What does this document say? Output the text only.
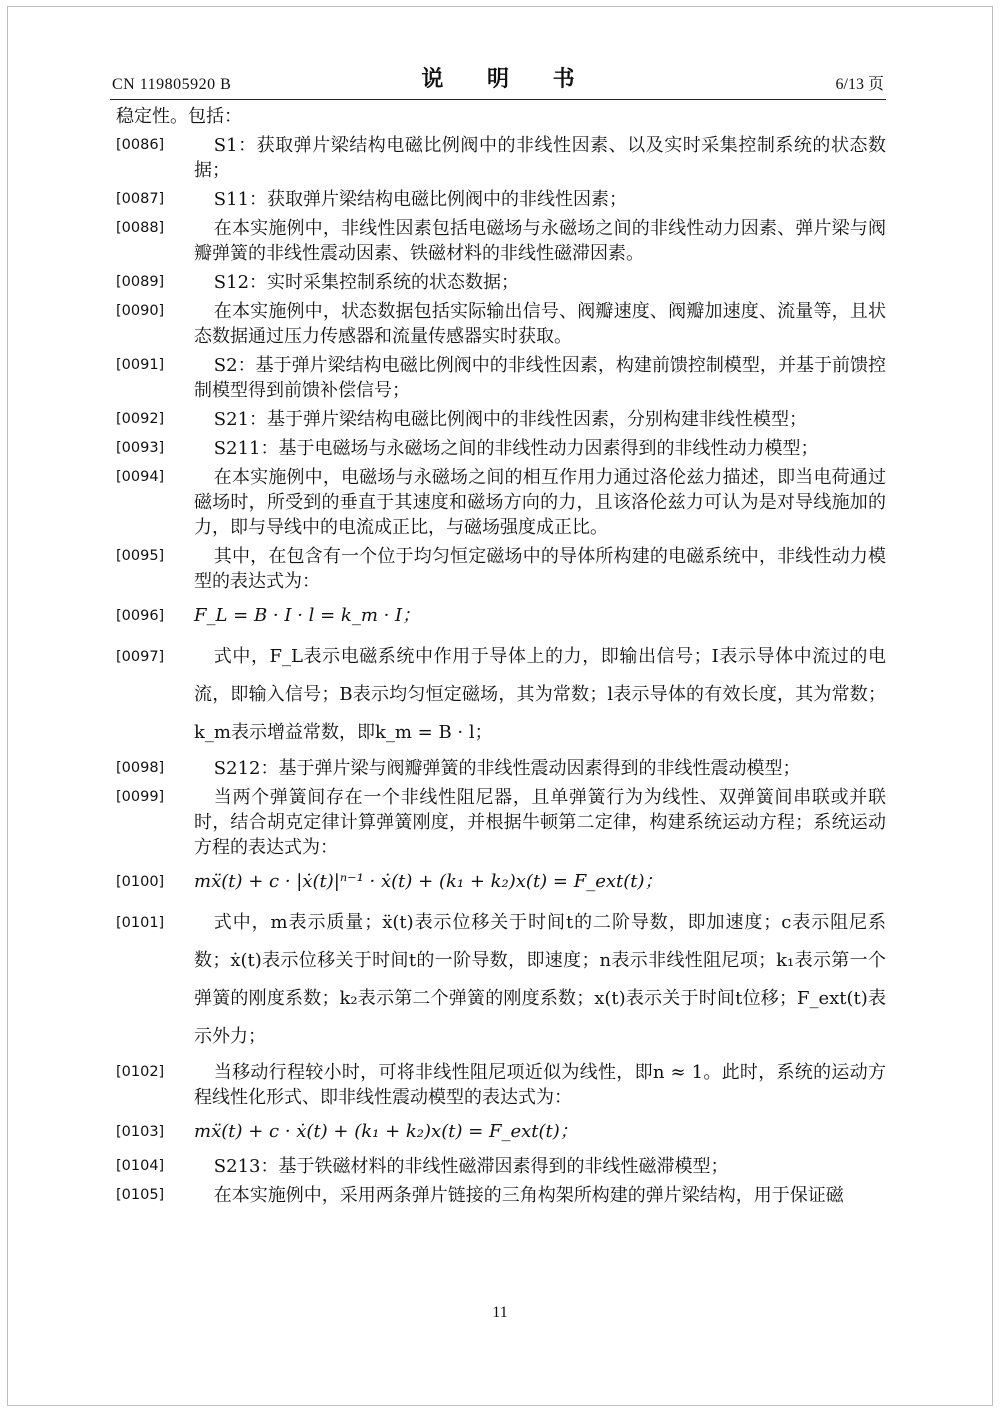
CN 119805920 B	说 明 书	6/13 页
稳定性。包括：
[0086]	S1：获取弹片梁结构电磁比例阀中的非线性因素、以及实时采集控制系统的状态数据；
[0087]	S11：获取弹片梁结构电磁比例阀中的非线性因素；
[0088]	在本实施例中，非线性因素包括电磁场与永磁场之间的非线性动力因素、弹片梁与阀瓣弹簧的非线性震动因素、铁磁材料的非线性磁滞因素。
[0089]	S12：实时采集控制系统的状态数据；
[0090]	在本实施例中，状态数据包括实际输出信号、阀瓣速度、阀瓣加速度、流量等，且状态数据通过压力传感器和流量传感器实时获取。
[0091]	S2：基于弹片梁结构电磁比例阀中的非线性因素，构建前馈控制模型，并基于前馈控制模型得到前馈补偿信号；
[0092]	S21：基于弹片梁结构电磁比例阀中的非线性因素，分别构建非线性模型；
[0093]	S211：基于电磁场与永磁场之间的非线性动力因素得到的非线性动力模型；
[0094]	在本实施例中，电磁场与永磁场之间的相互作用力通过洛伦兹力描述，即当电荷通过磁场时，所受到的垂直于其速度和磁场方向的力，且该洛伦兹力可认为是对导线施加的力，即与导线中的电流成正比，与磁场强度成正比。
[0095]	其中，在包含有一个位于均匀恒定磁场中的导体所构建的电磁系统中，非线性动力模型的表达式为：
[0096]	F_L = B · I · l = k_m · I；
[0097]	式中，F_L表示电磁系统中作用于导体上的力，即输出信号；I表示导体中流过的电流，即输入信号；B表示均匀恒定磁场，其为常数；l表示导体的有效长度，其为常数；k_m表示增益常数，即k_m = B · l；
[0098]	S212：基于弹片梁与阀瓣弹簧的非线性震动因素得到的非线性震动模型；
[0099]	当两个弹簧间存在一个非线性阻尼器，且单弹簧行为为线性、双弹簧间串联或并联时，结合胡克定律计算弹簧刚度，并根据牛顿第二定律，构建系统运动方程；系统运动方程的表达式为：
[0100]	mẍ(t) + c · |ẋ(t)|ⁿ⁻¹ · ẋ(t) + (k₁ + k₂)x(t) = F_ext(t)；
[0101]	式中，m表示质量；ẍ(t)表示位移关于时间t的二阶导数，即加速度；c表示阻尼系数；ẋ(t)表示位移关于时间t的一阶导数，即速度；n表示非线性阻尼项；k₁表示第一个弹簧的刚度系数；k₂表示第二个弹簧的刚度系数；x(t)表示关于时间t位移；F_ext(t)表示外力；
[0102]	当移动行程较小时，可将非线性阻尼项近似为线性，即n ≈ 1。此时，系统的运动方程线性化形式、即非线性震动模型的表达式为：
[0103]	mẍ(t) + c · ẋ(t) + (k₁ + k₂)x(t) = F_ext(t)；
[0104]	S213：基于铁磁材料的非线性磁滞因素得到的非线性磁滞模型；
[0105]	在本实施例中，采用两条弹片链接的三角构架所构建的弹片梁结构，用于保证磁
11
